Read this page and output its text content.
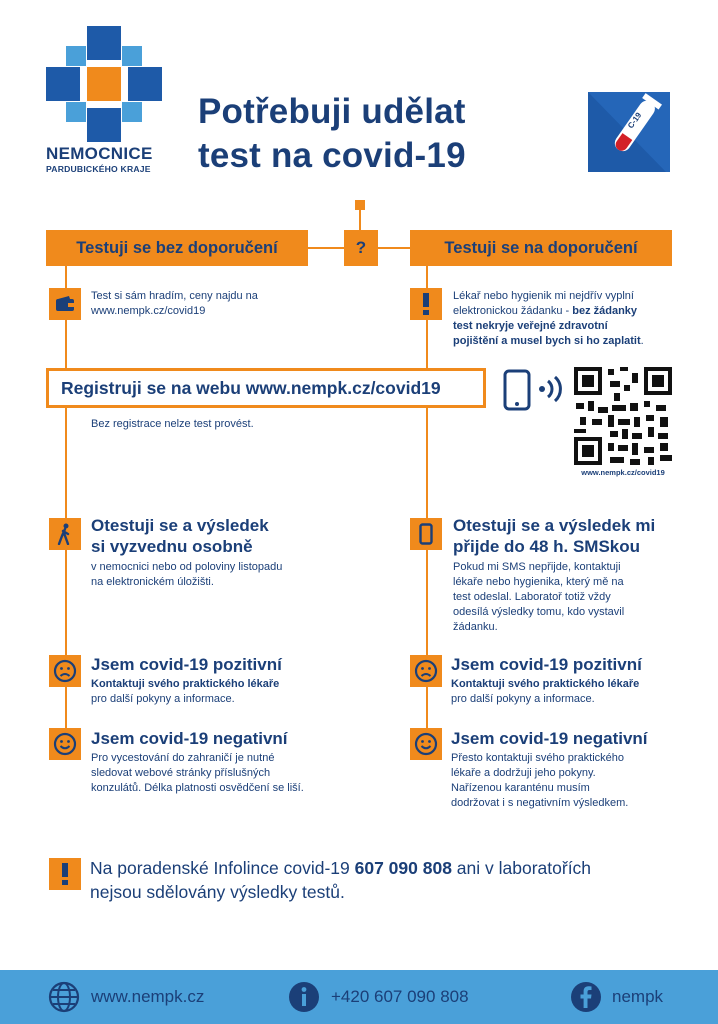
NEMOCNICE
PARDUBICKÉHO KRAJE
Potřebuji udělat
test na covid-19
C-19
Testuji se bez doporučení	?	Testuji se na doporučení
Test si sám hradím, ceny najdu na
www.nempk.cz/covid19
Lékař nebo hygienik mi nejdřív vyplní
elektronickou žádanku - bez žádanky
test nekryje veřejné zdravotní
pojištění a musel bych si ho zaplatit.
Registruji se na webu www.nempk.cz/covid19
www.nempk.cz/covid19
Bez registrace nelze test provést.
Otestuji se a výsledek
si vyzvednu osobně
v nemocnici nebo od poloviny listopadu
na elektronickém úložišti.
Otestuji se a výsledek mi
přijde do 48 h. SMSkou
Pokud mi SMS nepřijde, kontaktuji
lékaře nebo hygienika, který mě na
test odeslal. Laboratoř totiž vždy
odesílá výsledky tomu, kdo vystavil
žádanku.
Jsem covid-19 pozitivní
Kontaktuji svého praktického lékaře
pro další pokyny a informace.
Jsem covid-19 pozitivní
Kontaktuji svého praktického lékaře
pro další pokyny a informace.
Jsem covid-19 negativní
Pro vycestování do zahraničí je nutné
sledovat webové stránky příslušných
konzulátů. Délka platnosti osvědčení se liší.
Jsem covid-19 negativní
Přesto kontaktuji svého praktického
lékaře a dodržuji jeho pokyny.
Nařízenou karanténu musím
dodržovat i s negativním výsledkem.
Na poradenské Infolince covid-19 607 090 808 ani v laboratořích
nejsou sdělovány výsledky testů.
www.nempk.cz	+420 607 090 808	nempk
